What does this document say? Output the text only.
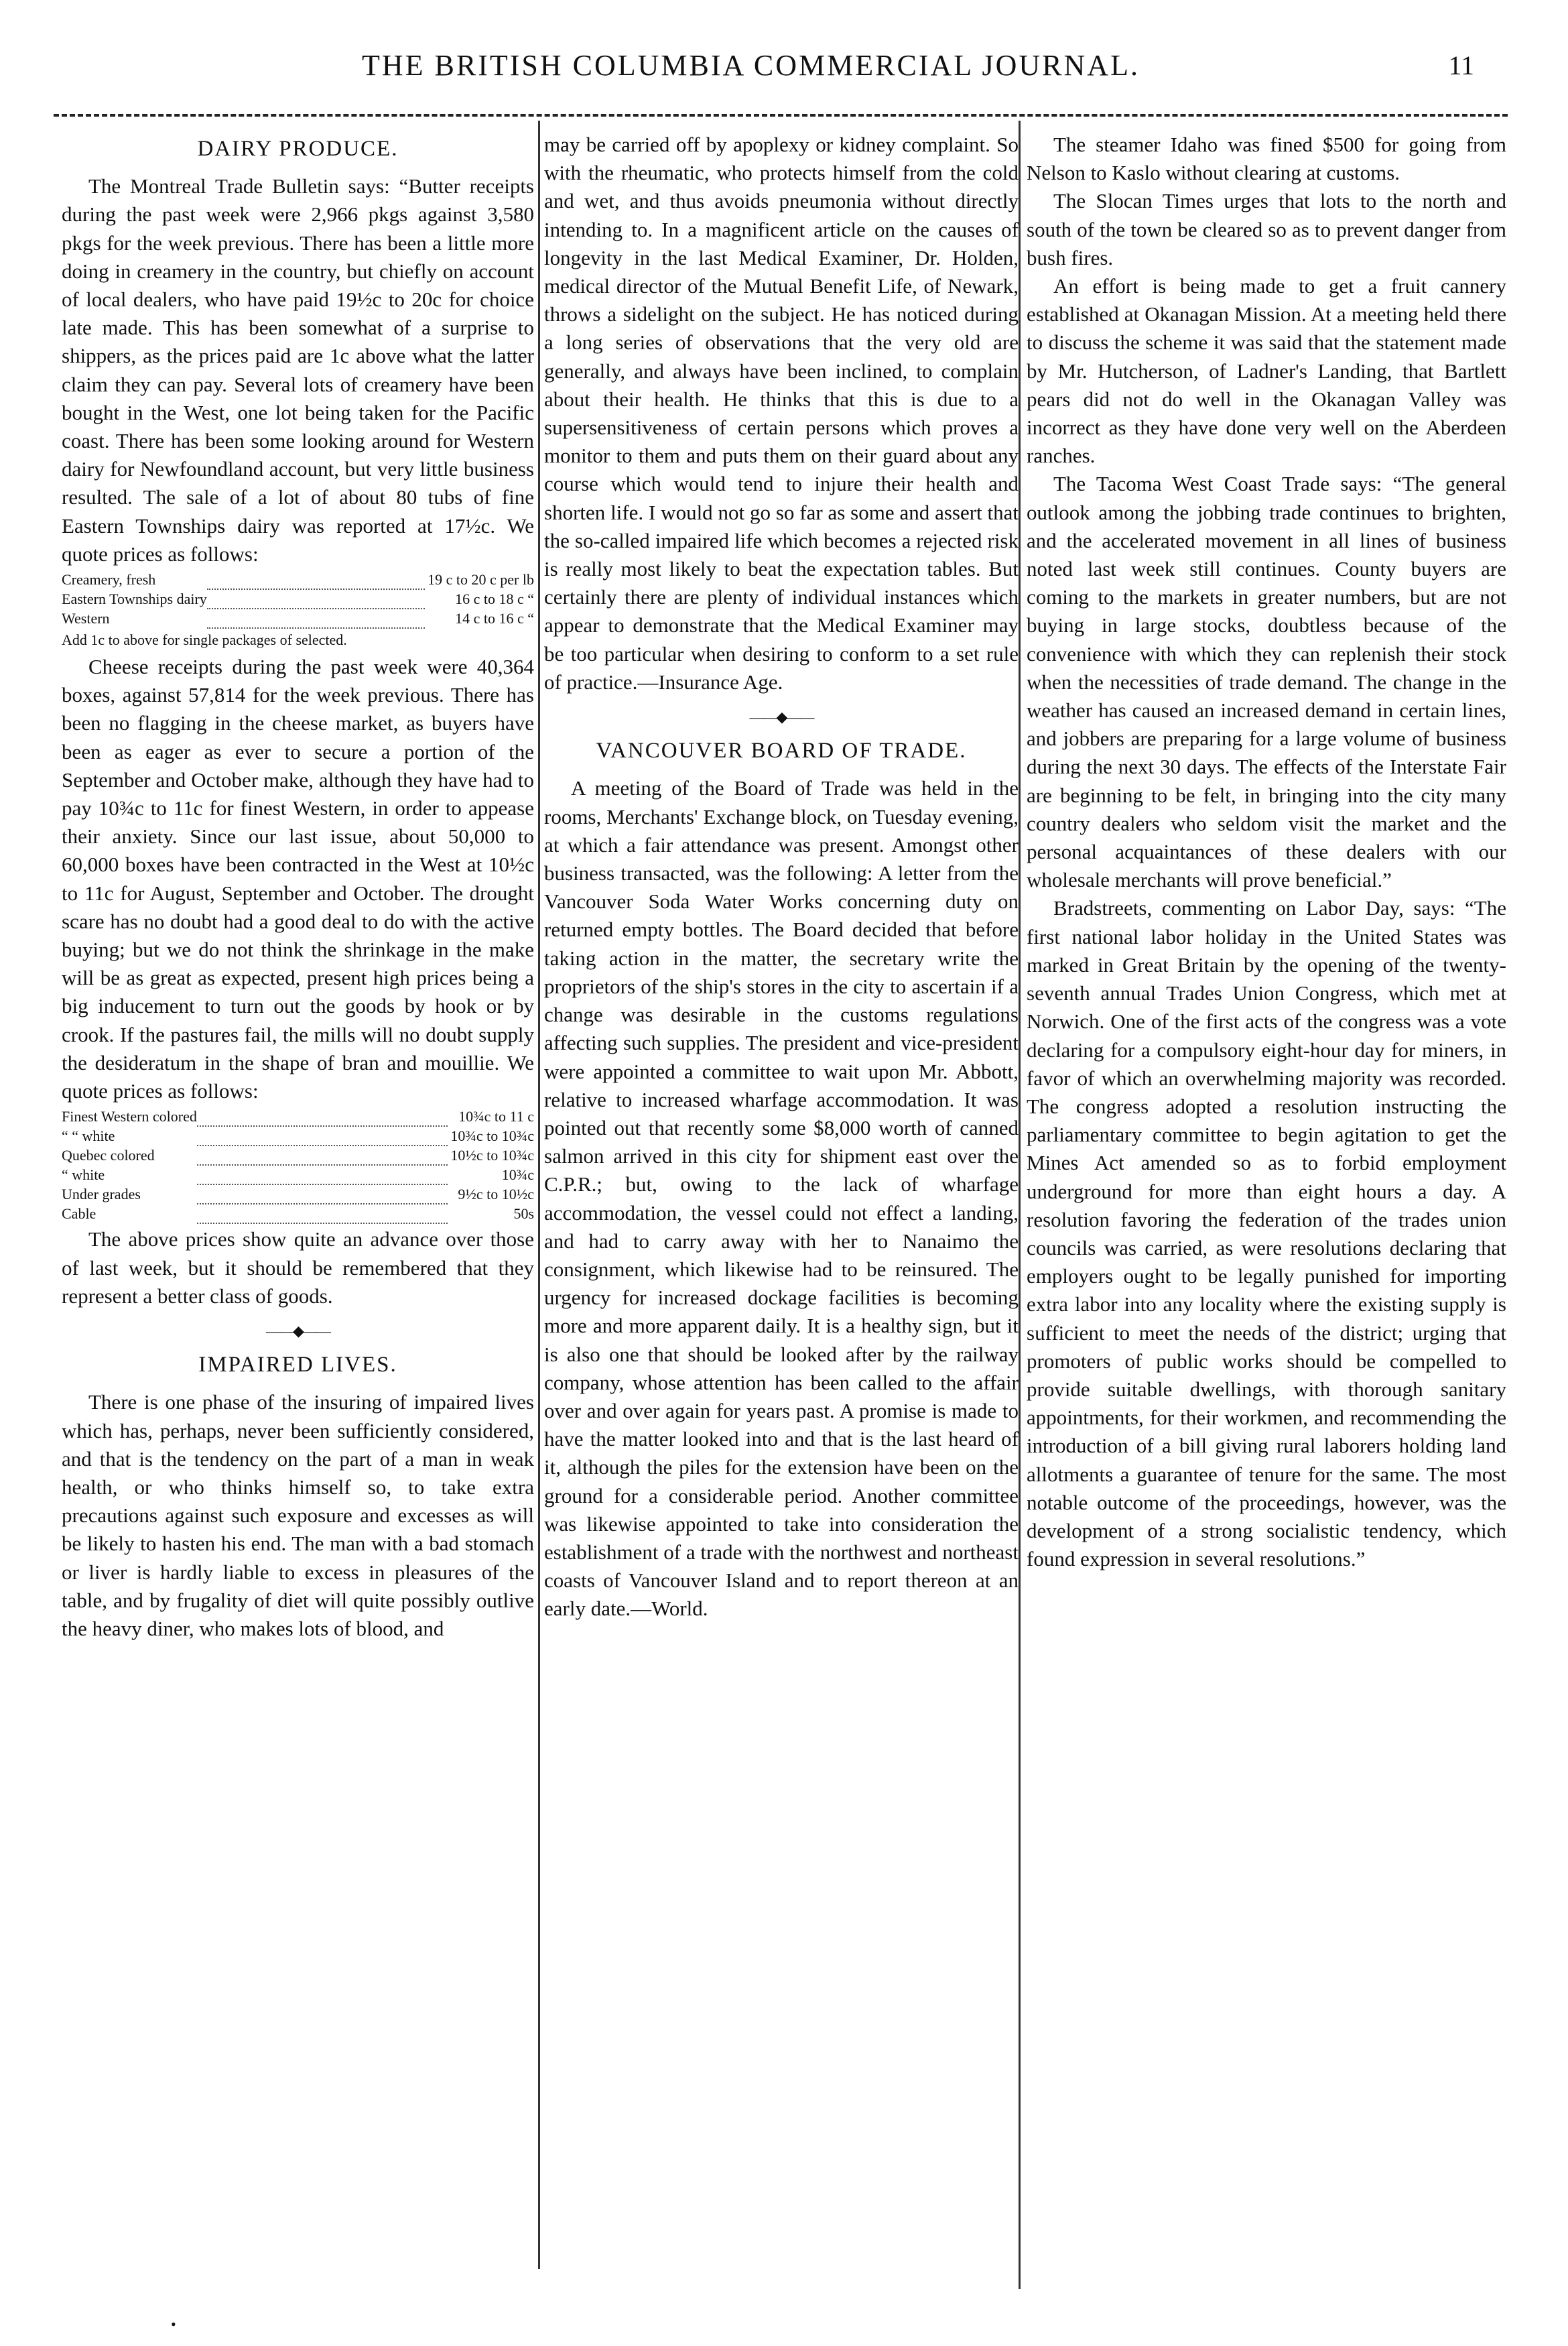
THE BRITISH COLUMBIA COMMERCIAL JOURNAL.	11
DAIRY PRODUCE.

The Montreal Trade Bulletin says: “Butter receipts during the past week were 2,966 pkgs against 3,580 pkgs for the week previous. There has been a little more doing in creamery in the country, but chiefly on account of local dealers, who have paid 19½c to 20c for choice late made. This has been somewhat of a surprise to shippers, as the prices paid are 1c above what the latter claim they can pay. Several lots of creamery have been bought in the West, one lot being taken for the Pacific coast. There has been some looking around for Western dairy for Newfoundland account, but very little business resulted. The sale of a lot of about 80 tubs of fine Eastern Townships dairy was reported at 17½c. We quote prices as follows:

Creamery, fresh		19 c to 20 c per lb
Eastern Townships dairy		16 c to 18 c “
Western		14 c to 16 c “

Add 1c to above for single packages of selected.

Cheese receipts during the past week were 40,364 boxes, against 57,814 for the week previous. There has been no flagging in the cheese market, as buyers have been as eager as ever to secure a portion of the September and October make, although they have had to pay 10¾c to 11c for finest Western, in order to appease their anxiety. Since our last issue, about 50,000 to 60,000 boxes have been contracted in the West at 10½c to 11c for August, September and October. The drought scare has no doubt had a good deal to do with the active buying; but we do not think the shrinkage in the make will be as great as expected, present high prices being a big inducement to turn out the goods by hook or by crook. If the pastures fail, the mills will no doubt supply the desideratum in the shape of bran and mouillie. We quote prices as follows:

Finest Western colored		10¾c to 11 c
“ “ white		10¾c to 10¾c
Quebec colored		10½c to 10¾c
“ white		10¾c
Under grades		9½c to 10½c
Cable		50s

The above prices show quite an advance over those of last week, but it should be remembered that they represent a better class of goods.

——◆——
IMPAIRED LIVES.

There is one phase of the insuring of impaired lives which has, perhaps, never been sufficiently considered, and that is the tendency on the part of a man in weak health, or who thinks himself so, to take extra precautions against such exposure and excesses as will be likely to hasten his end. The man with a bad stomach or liver is hardly liable to excess in pleasures of the table, and by frugality of diet will quite possibly outlive the heavy diner, who makes lots of blood, and

may be carried off by apoplexy or kidney complaint. So with the rheumatic, who protects himself from the cold and wet, and thus avoids pneumonia without directly intending to. In a magnificent article on the causes of longevity in the last Medical Examiner, Dr. Holden, medical director of the Mutual Benefit Life, of Newark, throws a sidelight on the subject. He has noticed during a long series of observations that the very old are generally, and always have been inclined, to complain about their health. He thinks that this is due to a supersensitiveness of certain persons which proves a monitor to them and puts them on their guard about any course which would tend to injure their health and shorten life. I would not go so far as some and assert that the so-called impaired life which becomes a rejected risk is really most likely to beat the expectation tables. But certainly there are plenty of individual instances which appear to demonstrate that the Medical Examiner may be too particular when desiring to conform to a set rule of practice.—Insurance Age.

——◆——
VANCOUVER BOARD OF TRADE.

A meeting of the Board of Trade was held in the rooms, Merchants' Exchange block, on Tuesday evening, at which a fair attendance was present. Amongst other business transacted, was the following: A letter from the Vancouver Soda Water Works concerning duty on returned empty bottles. The Board decided that before taking action in the matter, the secretary write the proprietors of the ship's stores in the city to ascertain if a change was desirable in the customs regulations affecting such supplies. The president and vice-president were appointed a committee to wait upon Mr. Abbott, relative to increased wharfage accommodation. It was pointed out that recently some $8,000 worth of canned salmon arrived in this city for shipment east over the C.P.R.; but, owing to the lack of wharfage accommodation, the vessel could not effect a landing, and had to carry away with her to Nanaimo the consignment, which likewise had to be reinsured. The urgency for increased dockage facilities is becoming more and more apparent daily. It is a healthy sign, but it is also one that should be looked after by the railway company, whose attention has been called to the affair over and over again for years past. A promise is made to have the matter looked into and that is the last heard of it, although the piles for the extension have been on the ground for a considerable period. Another committee was likewise appointed to take into consideration the establishment of a trade with the northwest and northeast coasts of Vancouver Island and to report thereon at an early date.—World.

The steamer Idaho was fined $500 for going from Nelson to Kaslo without clearing at customs.

The Slocan Times urges that lots to the north and south of the town be cleared so as to prevent danger from bush fires.

An effort is being made to get a fruit cannery established at Okanagan Mission. At a meeting held there to discuss the scheme it was said that the statement made by Mr. Hutcherson, of Ladner's Landing, that Bartlett pears did not do well in the Okanagan Valley was incorrect as they have done very well on the Aberdeen ranches.

The Tacoma West Coast Trade says: “The general outlook among the jobbing trade continues to brighten, and the accelerated movement in all lines of business noted last week still continues. County buyers are coming to the markets in greater numbers, but are not buying in large stocks, doubtless because of the convenience with which they can replenish their stock when the necessities of trade demand. The change in the weather has caused an increased demand in certain lines, and jobbers are preparing for a large volume of business during the next 30 days. The effects of the Interstate Fair are beginning to be felt, in bringing into the city many country dealers who seldom visit the market and the personal acquaintances of these dealers with our wholesale merchants will prove beneficial.”

Bradstreets, commenting on Labor Day, says: “The first national labor holiday in the United States was marked in Great Britain by the opening of the twenty-seventh annual Trades Union Congress, which met at Norwich. One of the first acts of the congress was a vote declaring for a compulsory eight-hour day for miners, in favor of which an overwhelming majority was recorded. The congress adopted a resolution instructing the parliamentary committee to begin agitation to get the Mines Act amended so as to forbid employment underground for more than eight hours a day. A resolution favoring the federation of the trades union councils was carried, as were resolutions declaring that employers ought to be legally punished for importing extra labor into any locality where the existing supply is sufficient to meet the needs of the district; urging that promoters of public works should be compelled to provide suitable dwellings, with thorough sanitary appointments, for their workmen, and recommending the introduction of a bill giving rural laborers holding land allotments a guarantee of tenure for the same. The most notable outcome of the proceedings, however, was the development of a strong socialistic tendency, which found expression in several resolutions.”

•
